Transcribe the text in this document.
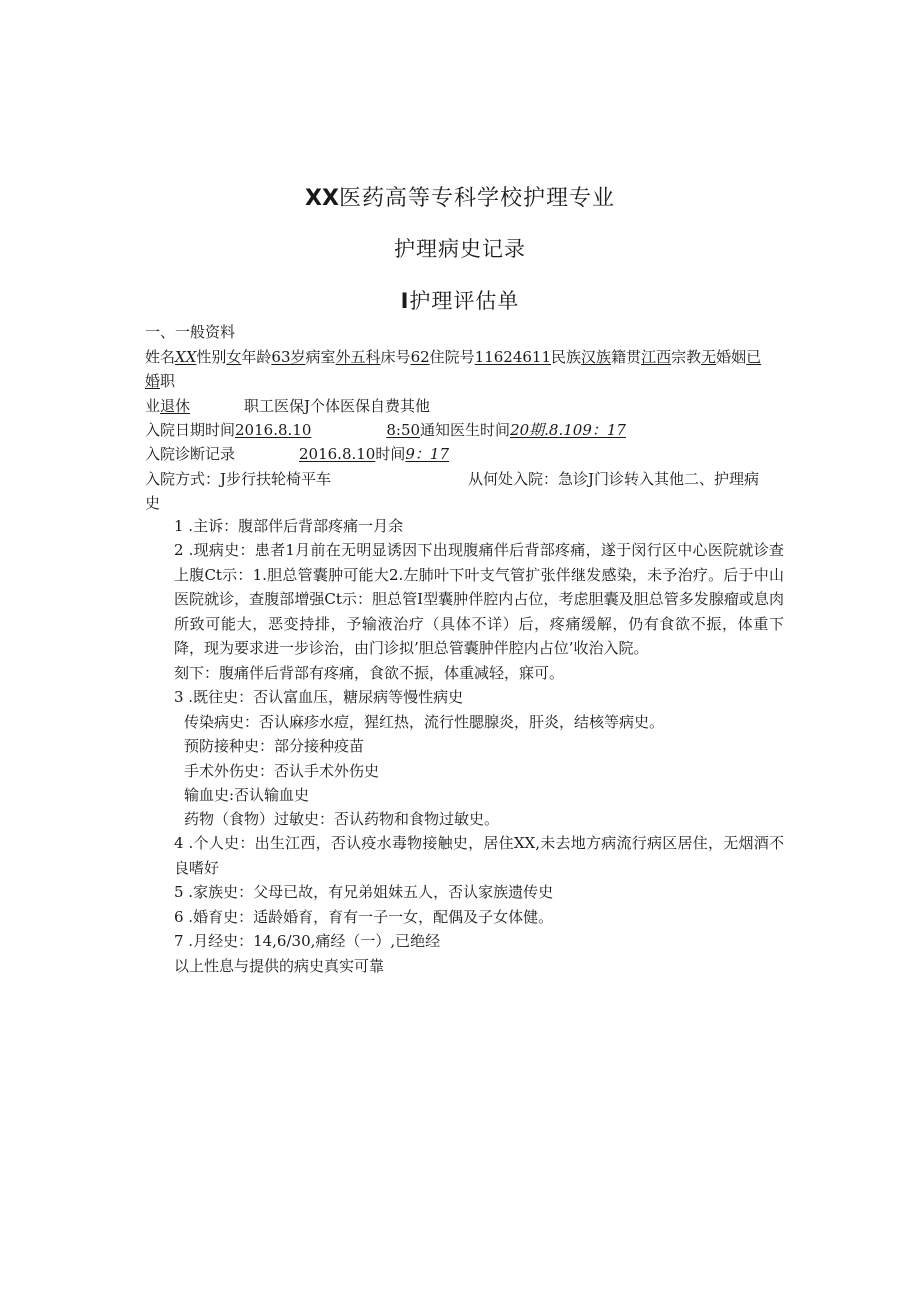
XX医药高等专科学校护理专业
护理病史记录
I护理评估单
一、一般资料
姓名XX性别女年龄63岁病室外五科床号62住院号11624611民族汉族籍贯江西宗教无婚姻已
婚职
业退休	职工医保J个体医保自费其他
入院日期时间2016.8.10	8:50通知医生时间20期.8.109：17
入院诊断记录	2016.8.10时间9：17
入院方式：J步行扶轮椅平车	从何处入院：急诊J门诊转入其他二、护理病
史
1 .主诉：腹部伴后背部疼痛一月余
2 .现病史：患者1月前在无明显诱因下出现腹痛伴后背部疼痛，遂于闵行区中心医院就诊查上腹Ct示：1.胆总管囊肿可能大2.左肺叶下叶支气管扩张伴继发感染，未予治疗。后于中山医院就诊，查腹部增强Ct示：胆总管I型囊肿伴腔内占位，考虑胆囊及胆总管多发腺瘤或息肉所致可能大，恶变持排，予输液治疗（具体不详）后，疼痛缓解，仍有食欲不振，体重下降，现为要求进一步诊治，由门诊拟’胆总管囊肿伴腔内占位’收治入院。
刻下：腹痛伴后背部有疼痛，食欲不振，体重减轻，寐可。
3 .既往史：否认富血压，糖尿病等慢性病史
传染病史：否认麻疹水痘，猩红热，流行性腮腺炎，肝炎，结核等病史。
预防接种史：部分接种疫苗
手术外伤史：否认手术外伤史
输血史:否认输血史
药物（食物）过敏史：否认药物和食物过敏史。
4 .个人史：出生江西，否认疫水毒物接触史，居住XX,未去地方病流行病区居住，无烟酒不良嗜好
5 .家族史：父母已故，有兄弟姐妹五人，否认家族遗传史
6 .婚育史：适龄婚育，育有一子一女，配偶及子女体健。
7 .月经史：14,6/30,痛经（一）,已绝经
以上性息与提供的病史真实可靠
